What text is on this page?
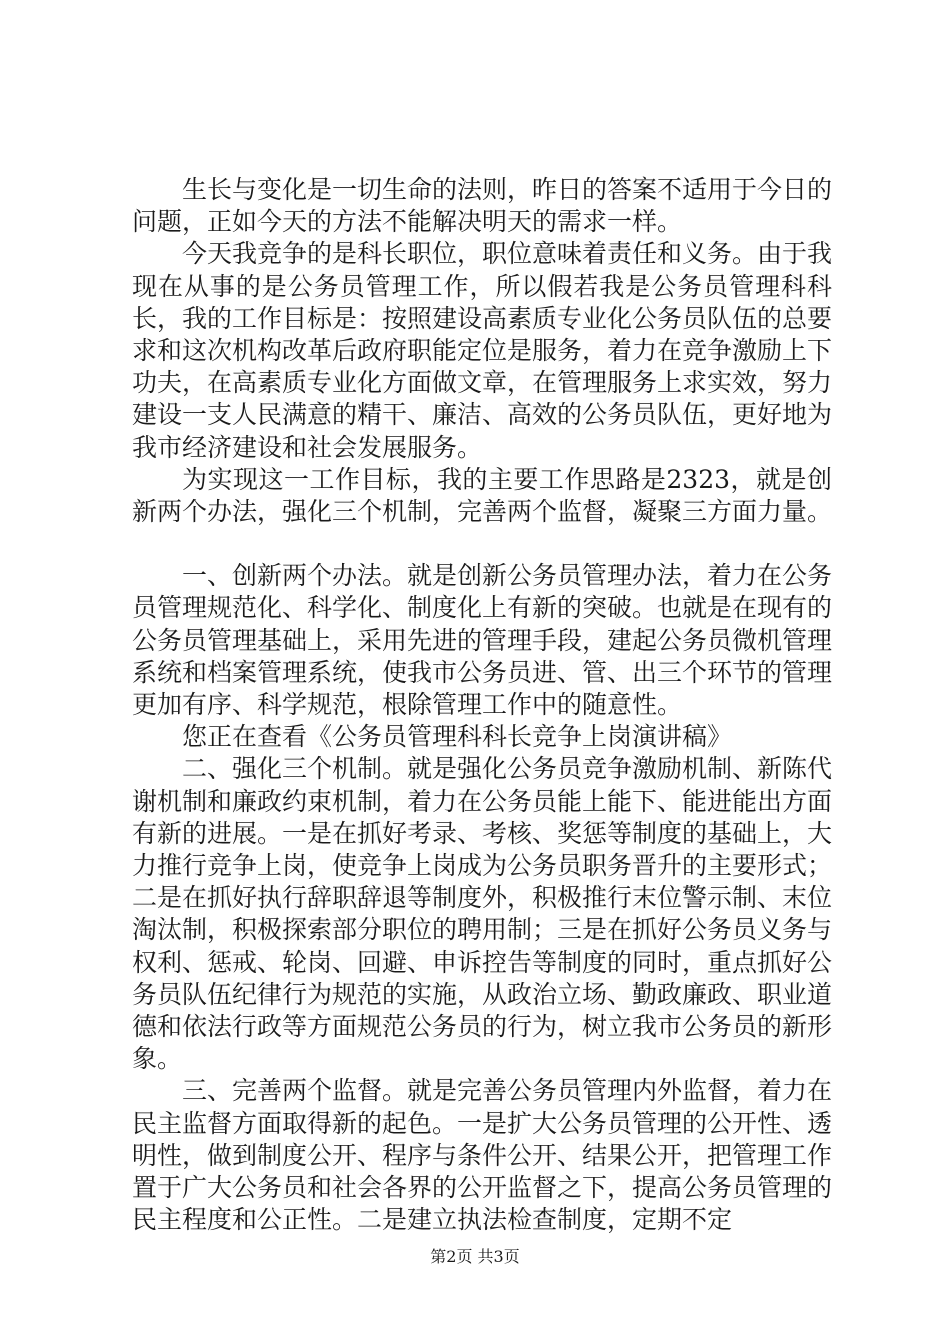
生长与变化是一切生命的法则，昨日的答案不适用于今日的问题，正如今天的方法不能解决明天的需求一样。

今天我竞争的是科长职位，职位意味着责任和义务。由于我现在从事的是公务员管理工作，所以假若我是公务员管理科科长，我的工作目标是：按照建设高素质专业化公务员队伍的总要求和这次机构改革后政府职能定位是服务，着力在竞争激励上下功夫，在高素质专业化方面做文章，在管理服务上求实效，努力建设一支人民满意的精干、廉洁、高效的公务员队伍，更好地为我市经济建设和社会发展服务。

为实现这一工作目标，我的主要工作思路是2323，就是创新两个办法，强化三个机制，完善两个监督，凝聚三方面力量。

一、创新两个办法。就是创新公务员管理办法，着力在公务员管理规范化、科学化、制度化上有新的突破。也就是在现有的公务员管理基础上，采用先进的管理手段，建起公务员微机管理系统和档案管理系统，使我市公务员进、管、出三个环节的管理更加有序、科学规范，根除管理工作中的随意性。

您正在查看《公务员管理科科长竞争上岗演讲稿》

二、强化三个机制。就是强化公务员竞争激励机制、新陈代谢机制和廉政约束机制，着力在公务员能上能下、能进能出方面有新的进展。一是在抓好考录、考核、奖惩等制度的基础上，大力推行竞争上岗，使竞争上岗成为公务员职务晋升的主要形式；二是在抓好执行辞职辞退等制度外，积极推行末位警示制、末位淘汰制，积极探索部分职位的聘用制；三是在抓好公务员义务与权利、惩戒、轮岗、回避、申诉控告等制度的同时，重点抓好公务员队伍纪律行为规范的实施，从政治立场、勤政廉政、职业道德和依法行政等方面规范公务员的行为，树立我市公务员的新形象。

三、完善两个监督。就是完善公务员管理内外监督，着力在民主监督方面取得新的起色。一是扩大公务员管理的公开性、透明性，做到制度公开、程序与条件公开、结果公开，把管理工作置于广大公务员和社会各界的公开监督之下，提高公务员管理的民主程度和公正性。二是建立执法检查制度，定期不定

第2页 共3页
